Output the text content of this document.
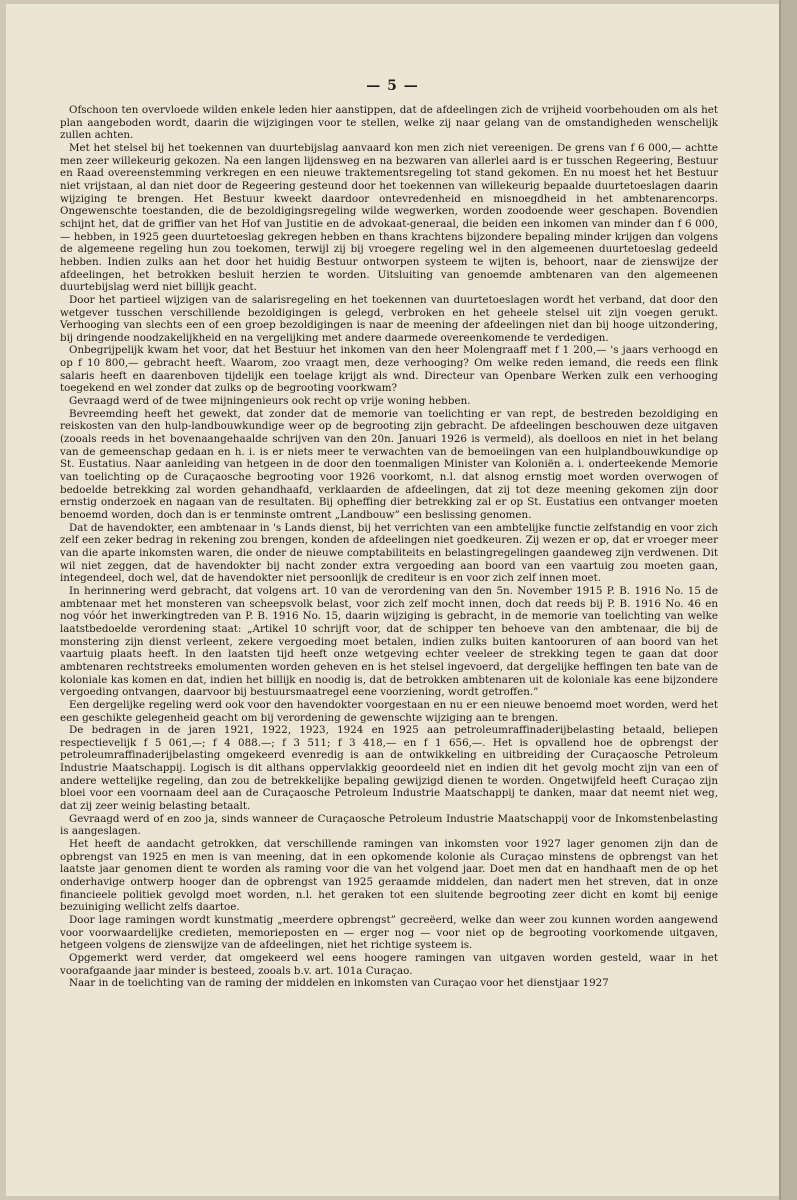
— 5 —

Ofschoon ten overvloede wilden enkele leden hier aanstippen, dat de afdeelingen zich de vrijheid voorbehouden om als het plan aangeboden wordt, daarin die wijzigingen voor te stellen, welke zij naar gelang van de omstandigheden wenschelijk zullen achten.

Met het stelsel bij het toekennen van duurtebijslag aanvaard kon men zich niet vereenigen. De grens van f 6 000,— achtte men zeer willekeurig gekozen. Na een langen lijdensweg en na bezwaren van allerlei aard is er tusschen Regeering, Bestuur en Raad overeenstemming verkregen en een nieuwe traktementsregeling tot stand gekomen. En nu moest het het Bestuur niet vrijstaan, al dan niet door de Regeering gesteund door het toekennen van willekeurig bepaalde duurtetoeslagen daarin wijziging te brengen. Het Bestuur kweekt daardoor ontevredenheid en misnoegdheid in het ambtenarencorps. Ongewenschte toestanden, die de bezoldigingsregeling wilde wegwerken, worden zoodoende weer geschapen. Bovendien schijnt het, dat de griffier van het Hof van Justitie en de advokaat-generaal, die beiden een inkomen van minder dan f 6 000,— hebben, in 1925 geen duurtetoeslag gekregen hebben en thans krachtens bijzondere bepaling minder krijgen dan volgens de algemeene regeling hun zou toekomen, terwijl zij bij vroegere regeling wel in den algemeenen duurtetoeslag gedeeld hebben. Indien zulks aan het door het huidig Bestuur ontworpen systeem te wijten is, behoort, naar de zienswijze der afdeelingen, het betrokken besluit herzien te worden. Uitsluiting van genoemde ambtenaren van den algemeenen duurtebijslag werd niet billijk geacht.

Door het partieel wijzigen van de salarisregeling en het toekennen van duurtetoeslagen wordt het verband, dat door den wetgever tusschen verschillende bezoldigingen is gelegd, verbroken en het geheele stelsel uit zijn voegen gerukt. Verhooging van slechts een of een groep bezoldigingen is naar de meening der afdeelingen niet dan bij hooge uitzondering, bij dringende noodzakelijkheid en na vergelijking met andere daarmede overeenkomende te verdedigen.

Onbegrijpelijk kwam het voor, dat het Bestuur het inkomen van den heer Molengraaff met f 1 200,— 's jaars verhoogd en op f 10 800,— gebracht heeft. Waarom, zoo vraagt men, deze verhooging? Om welke reden iemand, die reeds een flink salaris heeft en daarenboven tijdelijk een toelage krijgt als wnd. Directeur van Openbare Werken zulk een verhooging toegekend en wel zonder dat zulks op de begrooting voorkwam?

Gevraagd werd of de twee mijningenieurs ook recht op vrije woning hebben.

Bevreemding heeft het gewekt, dat zonder dat de memorie van toelichting er van rept, de bestreden bezoldiging en reiskosten van den hulp-landbouwkundige weer op de begrooting zijn gebracht. De afdeelingen beschouwen deze uitgaven (zooals reeds in het bovenaangehaalde schrijven van den 20n. Januari 1926 is vermeld), als doelloos en niet in het belang van de gemeenschap gedaan en h. i. is er niets meer te verwachten van de bemoeiingen van een hulplandbouwkundige op St. Eustatius. Naar aanleiding van hetgeen in de door den toenmaligen Minister van Koloniën a. i. onderteekende Memorie van toelichting op de Curaçaosche begrooting voor 1926 voorkomt, n.l. dat alsnog ernstig moet worden overwogen of bedoelde betrekking zal worden gehandhaafd, verklaarden de afdeelingen, dat zij tot deze meening gekomen zijn door ernstig onderzoek en nagaan van de resultaten. Bij opheffing dier betrekking zal er op St. Eustatius een ontvanger moeten benoemd worden, doch dan is er tenminste omtrent „Landbouw” een beslissing genomen.

Dat de havendokter, een ambtenaar in 's Lands dienst, bij het verrichten van een ambtelijke functie zelfstandig en voor zich zelf een zeker bedrag in rekening zou brengen, konden de afdeelingen niet goedkeuren. Zij wezen er op, dat er vroeger meer van die aparte inkomsten waren, die onder de nieuwe comptabiliteits en belastingregelingen gaandeweg zijn verdwenen. Dit wil niet zeggen, dat de havendokter bij nacht zonder extra vergoeding aan boord van een vaartuig zou moeten gaan, integendeel, doch wel, dat de havendokter niet persoonlijk de crediteur is en voor zich zelf innen moet.

In herinnering werd gebracht, dat volgens art. 10 van de verordening van den 5n. November 1915 P. B. 1916 No. 15 de ambtenaar met het monsteren van scheepsvolk belast, voor zich zelf mocht innen, doch dat reeds bij P. B. 1916 No. 46 en nog vóór het inwerkingtreden van P. B. 1916 No. 15, daarin wijziging is gebracht, in de memorie van toelichting van welke laatstbedoelde verordening staat: „Artikel 10 schrijft voor, dat de schipper ten behoeve van den ambtenaar, die bij de monstering zijn dienst verleent, zekere vergoeding moet betalen, indien zulks buiten kantooruren of aan boord van het vaartuig plaats heeft. In den laatsten tijd heeft onze wetgeving echter veeleer de strekking tegen te gaan dat door ambtenaren rechtstreeks emolumenten worden geheven en is het stelsel ingevoerd, dat dergelijke heffingen ten bate van de koloniale kas komen en dat, indien het billijk en noodig is, dat de betrokken ambtenaren uit de koloniale kas eene bijzondere vergoeding ontvangen, daarvoor bij bestuursmaatregel eene voorziening, wordt getroffen.”

Een dergelijke regeling werd ook voor den havendokter voorgestaan en nu er een nieuwe benoemd moet worden, werd het een geschikte gelegenheid geacht om bij verordening de gewenschte wijziging aan te brengen.

De bedragen in de jaren 1921, 1922, 1923, 1924 en 1925 aan petroleumraffinaderijbelasting betaald, beliepen respectievelijk f 5 061,—; f 4 088.—; f 3 511; f 3 418,— en f 1 656,—. Het is opvallend hoe de opbrengst der petroleumraffinaderijbelasting omgekeerd evenredig is aan de ontwikkeling en uitbreiding der Curaçaosche Petroleum Industrie Maatschappij. Logisch is dit althans oppervlakkig geoordeeld niet en indien dit het gevolg mocht zijn van een of andere wettelijke regeling, dan zou de betrekkelijke bepaling gewijzigd dienen te worden. Ongetwijfeld heeft Curaçao zijn bloei voor een voornaam deel aan de Curaçaosche Petroleum Industrie Maatschappij te danken, maar dat neemt niet weg, dat zij zeer weinig belasting betaalt.

Gevraagd werd of en zoo ja, sinds wanneer de Curaçaosche Petroleum Industrie Maatschappij voor de Inkomstenbelasting is aangeslagen.

Het heeft de aandacht getrokken, dat verschillende ramingen van inkomsten voor 1927 lager genomen zijn dan de opbrengst van 1925 en men is van meening, dat in een opkomende kolonie als Curaçao minstens de opbrengst van het laatste jaar genomen dient te worden als raming voor die van het volgend jaar. Doet men dat en handhaaft men de op het onderhavige ontwerp hooger dan de opbrengst van 1925 geraamde middelen, dan nadert men het streven, dat in onze financieele politiek gevolgd moet worden, n.l. het geraken tot een sluitende begrooting zeer dicht en komt bij eenige bezuiniging wellicht zelfs daartoe.

Door lage ramingen wordt kunstmatig „meerdere opbrengst” gecreëerd, welke dan weer zou kunnen worden aangewend voor voorwaardelijke credieten, memorieposten en — erger nog — voor niet op de begrooting voorkomende uitgaven, hetgeen volgens de zienswijze van de afdeelingen, niet het richtige systeem is.

Opgemerkt werd verder, dat omgekeerd wel eens hoogere ramingen van uitgaven worden gesteld, waar in het voorafgaande jaar minder is besteed, zooals b.v. art. 101a Curaçao.

Naar in de toelichting van de raming der middelen en inkomsten van Curaçao voor het dienstjaar 1927
